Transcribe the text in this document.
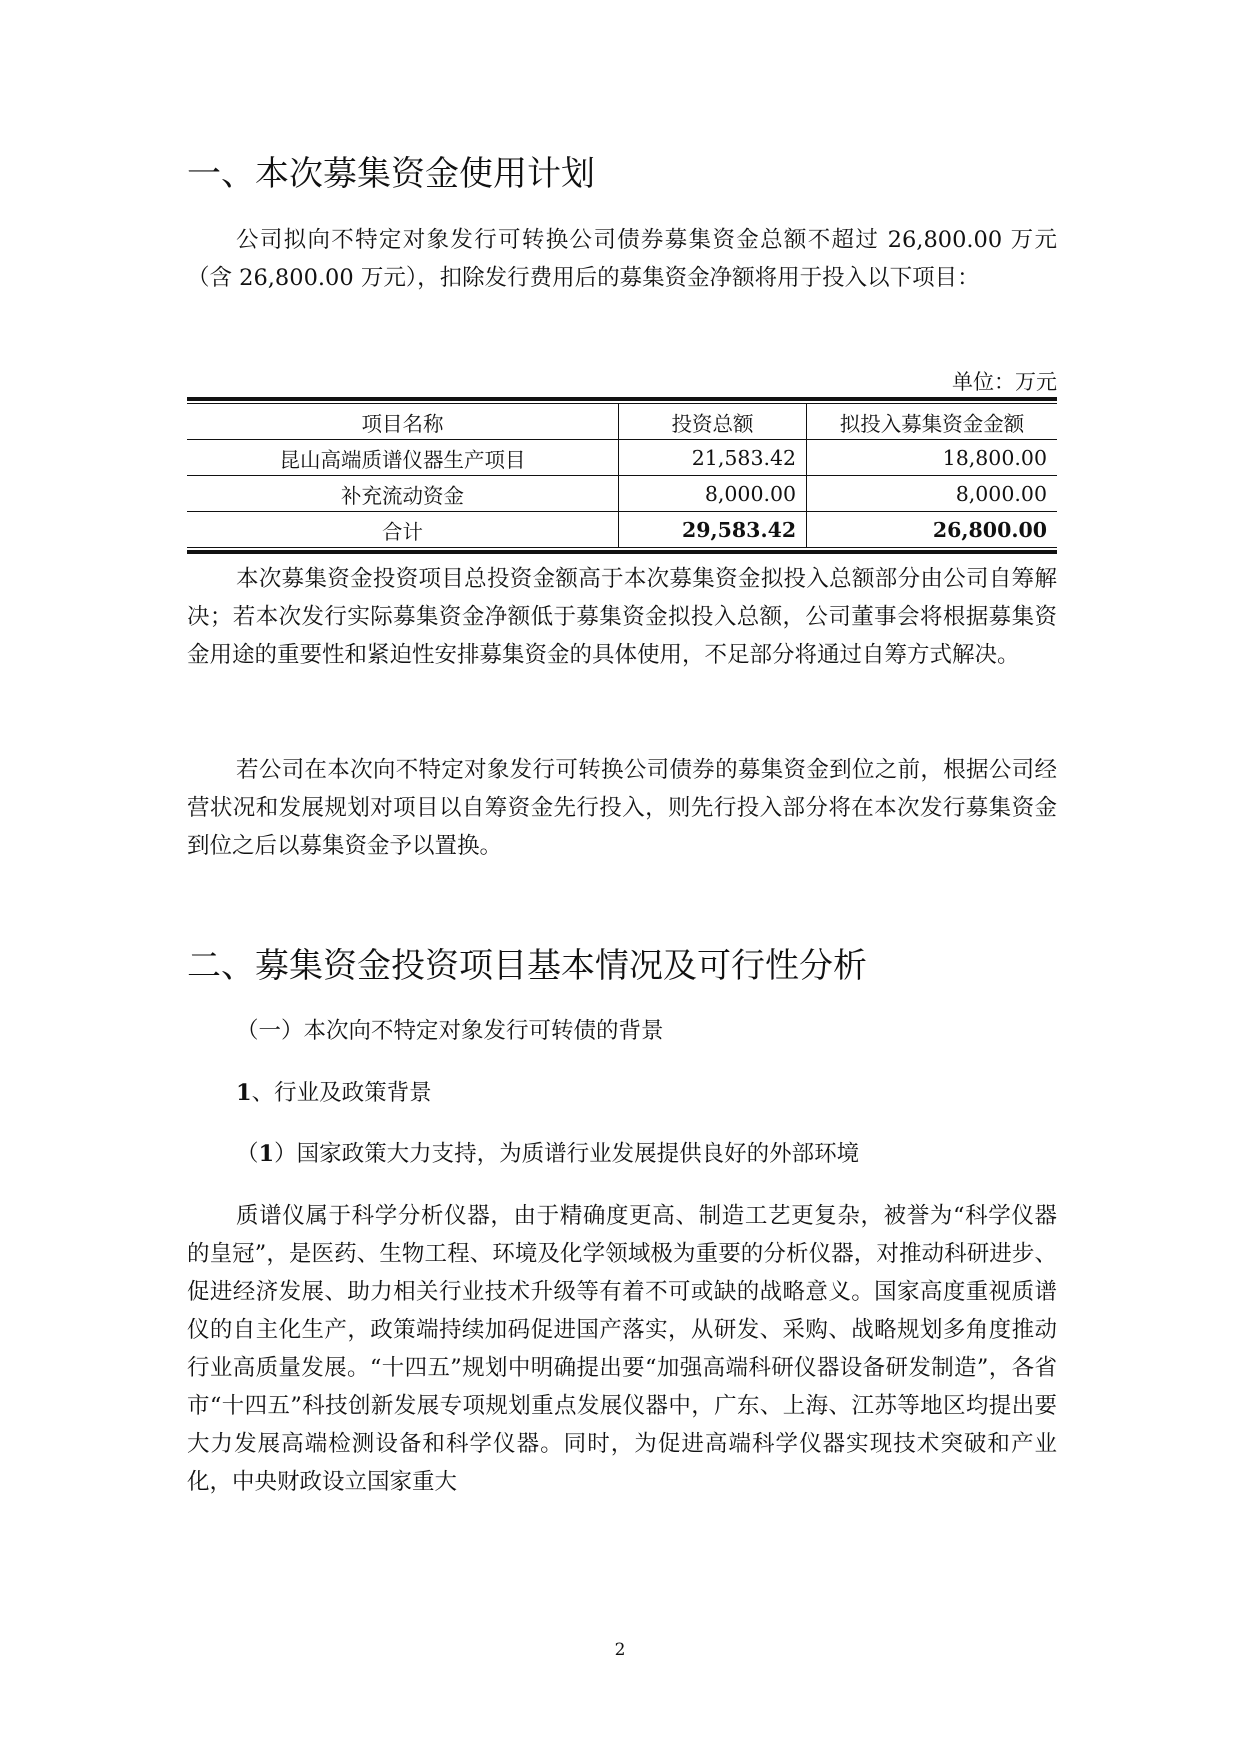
一、本次募集资金使用计划

公司拟向不特定对象发行可转换公司债券募集资金总额不超过 26,800.00 万元（含 26,800.00 万元），扣除发行费用后的募集资金净额将用于投入以下项目：

单位：万元

项目名称	投资总额	拟投入募集资金金额
昆山高端质谱仪器生产项目	21,583.42	18,800.00
补充流动资金	8,000.00	8,000.00
合计	29,583.42	26,800.00

本次募集资金投资项目总投资金额高于本次募集资金拟投入总额部分由公司自筹解决；若本次发行实际募集资金净额低于募集资金拟投入总额，公司董事会将根据募集资金用途的重要性和紧迫性安排募集资金的具体使用，不足部分将通过自筹方式解决。

若公司在本次向不特定对象发行可转换公司债券的募集资金到位之前，根据公司经营状况和发展规划对项目以自筹资金先行投入，则先行投入部分将在本次发行募集资金到位之后以募集资金予以置换。

二、募集资金投资项目基本情况及可行性分析

（一）本次向不特定对象发行可转债的背景

1、行业及政策背景

（1）国家政策大力支持，为质谱行业发展提供良好的外部环境

质谱仪属于科学分析仪器，由于精确度更高、制造工艺更复杂，被誉为“科学仪器的皇冠”，是医药、生物工程、环境及化学领域极为重要的分析仪器，对推动科研进步、促进经济发展、助力相关行业技术升级等有着不可或缺的战略意义。国家高度重视质谱仪的自主化生产，政策端持续加码促进国产落实，从研发、采购、战略规划多角度推动行业高质量发展。“十四五”规划中明确提出要“加强高端科研仪器设备研发制造”，各省市“十四五”科技创新发展专项规划重点发展仪器中，广东、上海、江苏等地区均提出要大力发展高端检测设备和科学仪器。同时，为促进高端科学仪器实现技术突破和产业化，中央财政设立国家重大

2
